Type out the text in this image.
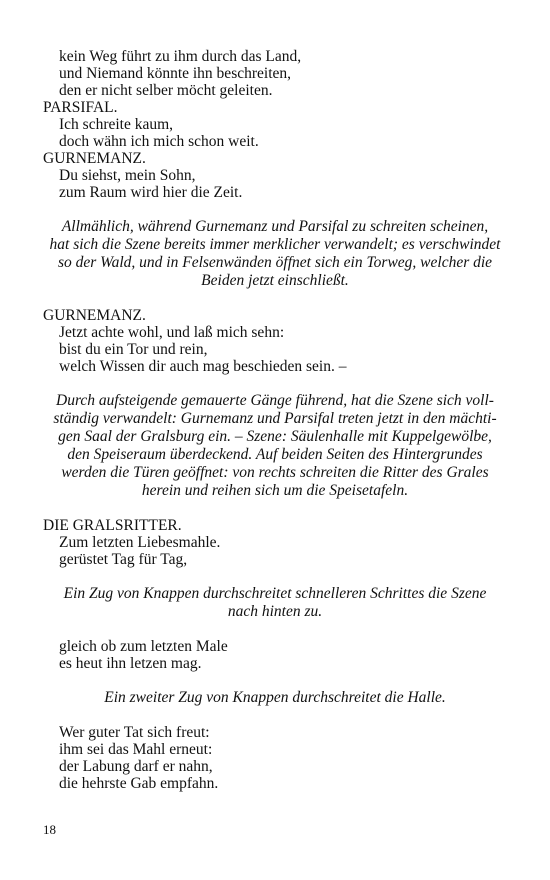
kein Weg führt zu ihm durch das Land,
und Niemand könnte ihn beschreiten,
den er nicht selber möcht geleiten.
PARSIFAL.
Ich schreite kaum,
doch wähn ich mich schon weit.
GURNEMANZ.
Du siehst, mein Sohn,
zum Raum wird hier die Zeit.
Allmählich, während Gurnemanz und Parsifal zu schreiten scheinen,
hat sich die Szene bereits immer merklicher verwandelt; es verschwindet
so der Wald, und in Felsenwänden öffnet sich ein Torweg, welcher die
Beiden jetzt einschließt.
GURNEMANZ.
Jetzt achte wohl, und laß mich sehn:
bist du ein Tor und rein,
welch Wissen dir auch mag beschieden sein. –
Durch aufsteigende gemauerte Gänge führend, hat die Szene sich voll-
ständig verwandelt: Gurnemanz und Parsifal treten jetzt in den mächti-
gen Saal der Gralsburg ein. – Szene: Säulenhalle mit Kuppelgewölbe,
den Speiseraum überdeckend. Auf beiden Seiten des Hintergrundes
werden die Türen geöffnet: von rechts schreiten die Ritter des Grales
herein und reihen sich um die Speisetafeln.
DIE GRALSRITTER.
Zum letzten Liebesmahle.
gerüstet Tag für Tag,
Ein Zug von Knappen durchschreitet schnelleren Schrittes die Szene
nach hinten zu.
gleich ob zum letzten Male
es heut ihn letzen mag.
Ein zweiter Zug von Knappen durchschreitet die Halle.
Wer guter Tat sich freut:
ihm sei das Mahl erneut:
der Labung darf er nahn,
die hehrste Gab empfahn.
18
